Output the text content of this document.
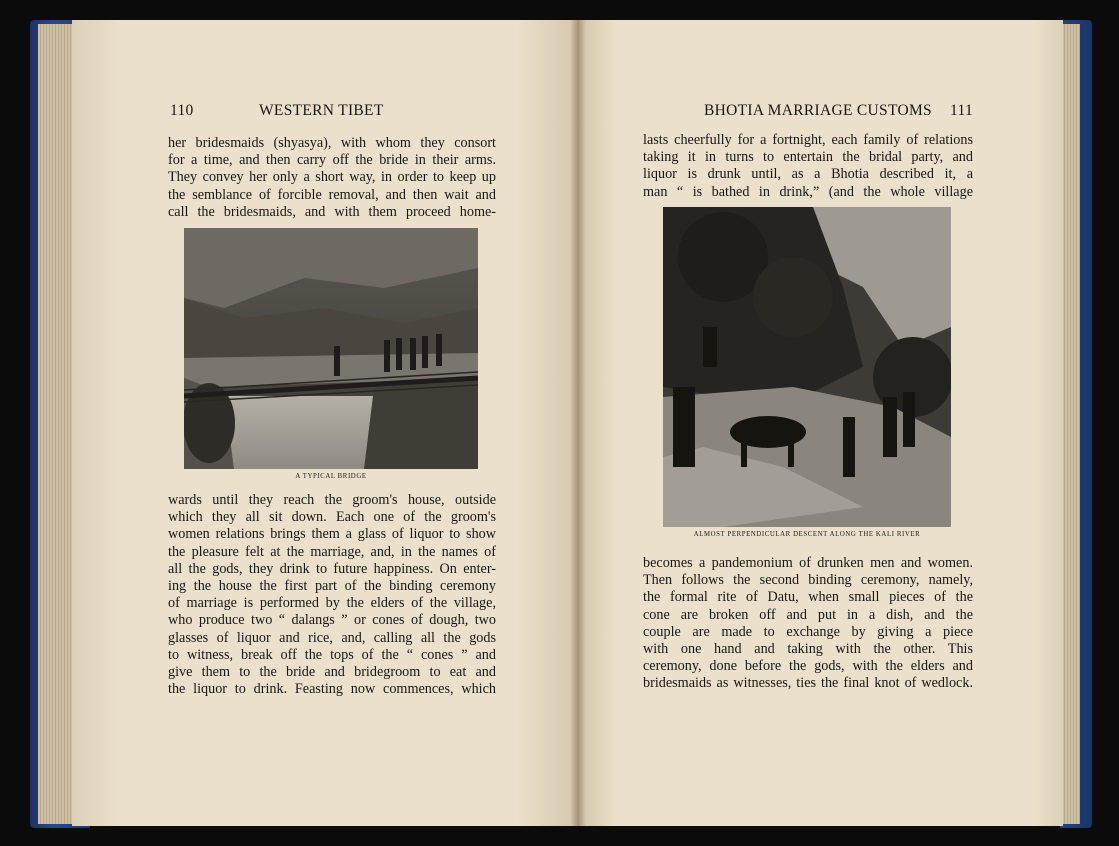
110	WESTERN TIBET
her bridesmaids (shyasya), with whom they consort
for a time, and then carry off the bride in their arms.
They convey her only a short way, in order to keep up
the semblance of forcible removal, and then wait and
call the bridesmaids, and with them proceed home-
A TYPICAL BRIDGE
wards until they reach the groom's house, outside
which they all sit down. Each one of the groom's
women relations brings them a glass of liquor to show
the pleasure felt at the marriage, and, in the names of
all the gods, they drink to future happiness. On enter-
ing the house the first part of the binding ceremony
of marriage is performed by the elders of the village,
who produce two “ dalangs ” or cones of dough, two
glasses of liquor and rice, and, calling all the gods
to witness, break off the tops of the “ cones ” and
give them to the bride and bridegroom to eat and
the liquor to drink. Feasting now commences, which
BHOTIA MARRIAGE CUSTOMS 111
lasts cheerfully for a fortnight, each family of relations
taking it in turns to entertain the bridal party, and
liquor is drunk until, as a Bhotia described it, a
man “ is bathed in drink,” (and the whole village
ALMOST PERPENDICULAR DESCENT ALONG THE KALI RIVER
becomes a pandemonium of drunken men and women.
Then follows the second binding ceremony, namely,
the formal rite of Datu, when small pieces of the
cone are broken off and put in a dish, and the
couple are made to exchange by giving a piece
with one hand and taking with the other. This
ceremony, done before the gods, with the elders and
bridesmaids as witnesses, ties the final knot of wedlock.
